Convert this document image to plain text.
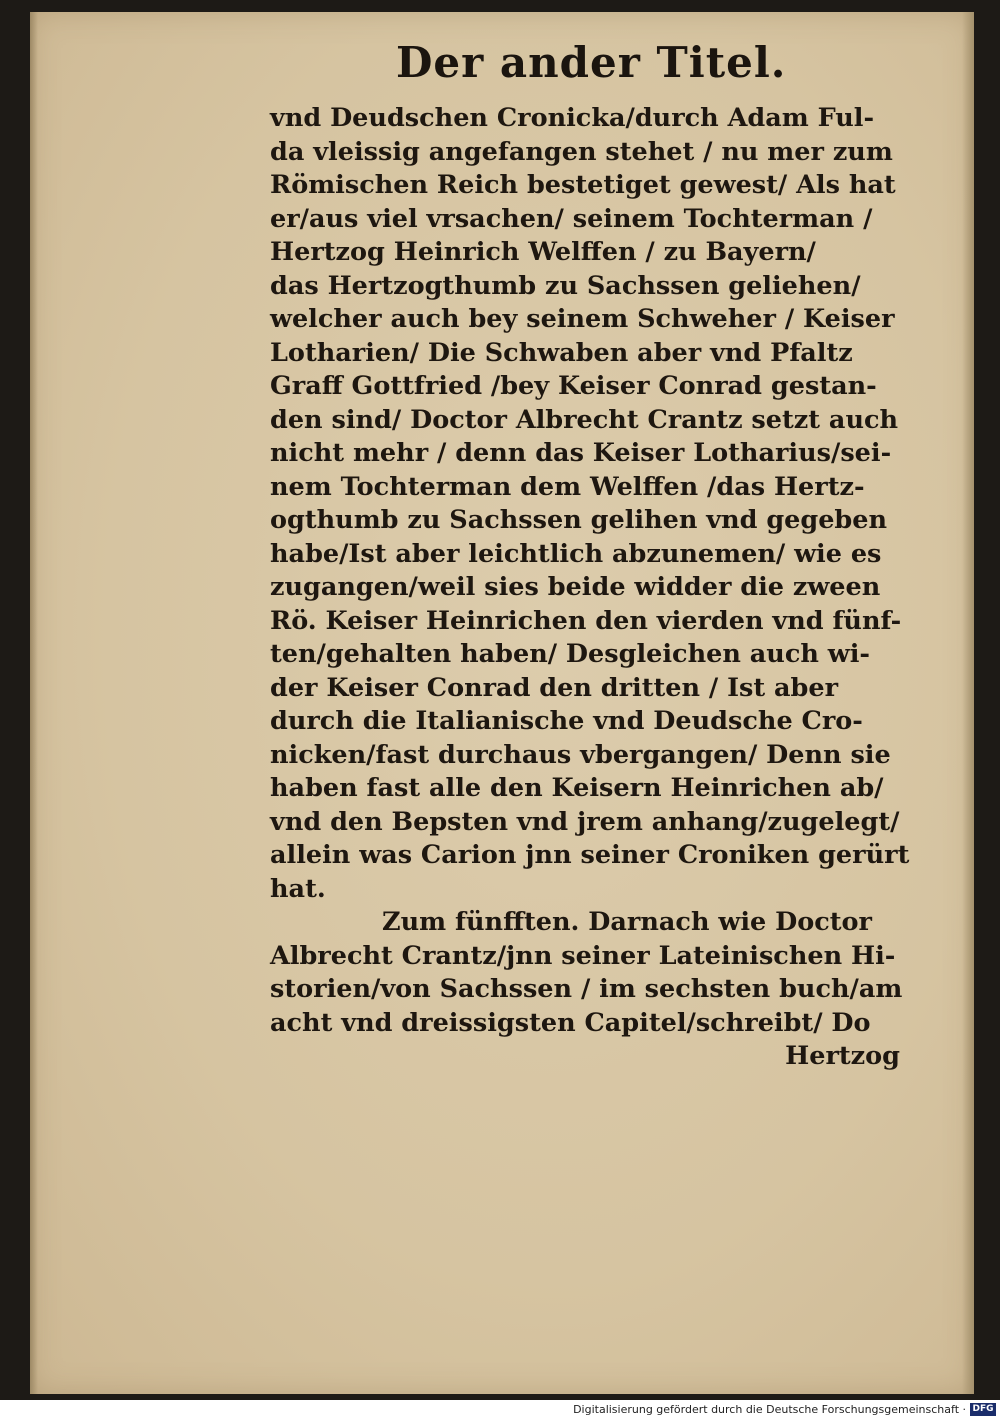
Der ander Titel.
vnd Deudschen Cronicka/durch Adam Ful-
da vleissig angefangen stehet / nu mer zum
Römischen Reich bestetiget gewest/ Als hat
er/aus viel vrsachen/ seinem Tochterman /
Hertzog Heinrich Welffen / zu Bayern/
das Hertzogthumb zu Sachssen geliehen/
welcher auch bey seinem Schweher / Keiser
Lotharien/ Die Schwaben aber vnd Pfaltz
Graff Gottfried /bey Keiser Conrad gestan-
den sind/ Doctor Albrecht Crantz setzt auch
nicht mehr / denn das Keiser Lotharius/sei-
nem Tochterman dem Welffen /das Hertz-
ogthumb zu Sachssen gelihen vnd gegeben
habe/Ist aber leichtlich abzunemen/ wie es
zugangen/weil sies beide widder die zween
Rö. Keiser Heinrichen den vierden vnd fünf-
ten/gehalten haben/ Desgleichen auch wi-
der Keiser Conrad den dritten / Ist aber
durch die Italianische vnd Deudsche Cro-
nicken/fast durchaus vbergangen/ Denn sie
haben fast alle den Keisern Heinrichen ab/
vnd den Bepsten vnd jrem anhang/zugelegt/
allein was Carion jnn seiner Croniken gerürt
hat.
Zum fünfften. Darnach wie Doctor
Albrecht Crantz/jnn seiner Lateinischen Hi-
storien/von Sachssen / im sechsten buch/am
acht vnd dreissigsten Capitel/schreibt/ Do
Hertzog
Digitalisierung gefördert durch die Deutsche Forschungsgemeinschaft · DFG
